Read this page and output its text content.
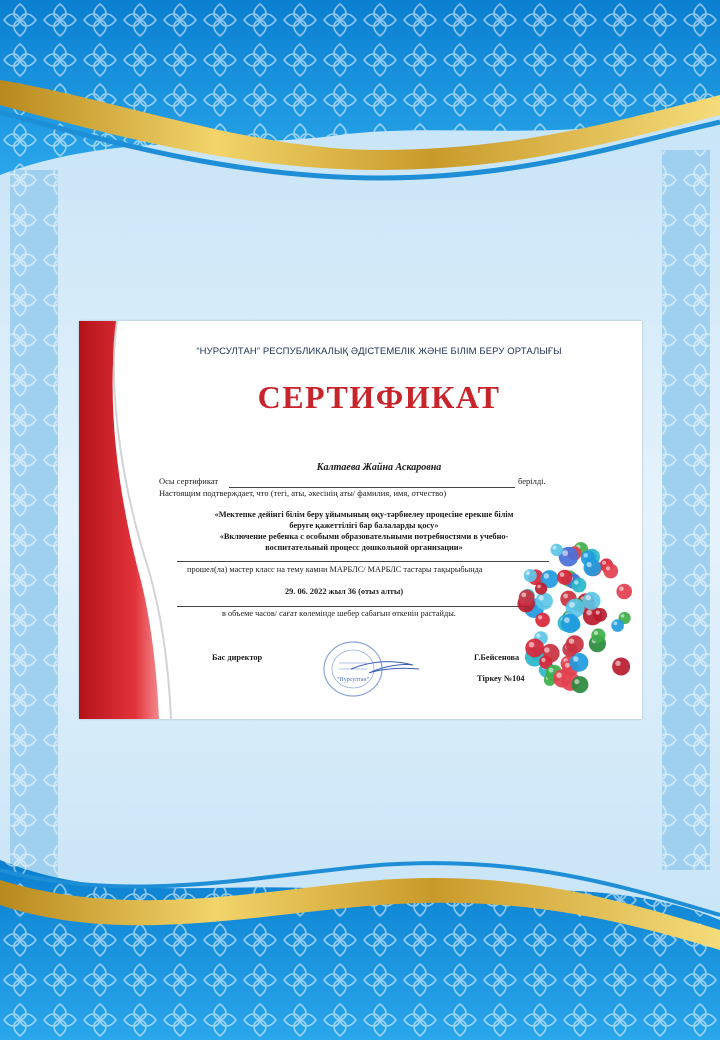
“НУРСУЛТАН” РЕСПУБЛИКАЛЫҚ ӘДІСТЕМЕЛІК ЖӘНЕ БІЛІМ БЕРУ ОРТАЛЫҒЫ
СЕРТИФИКАТ
Калтаева Жайна Аскаровна
Осы сертификат	берілді.
Настоящим подтверждает, что (тегі, аты, әкесінің аты/ фамилия, имя, отчество)
«Мектепке дейінгі білім беру ұйымының оқу-тәрбиелеу процесіне ерекше білім
беруге қажеттілігі бар балаларды қосу»
«Включение ребенка с особыми образовательными потребностями в учебно-
воспитательный процесс дошкольной организации»
прошел(ла) мастер класс на тему камни МАРБЛС/ МАРБЛС тастары тақырыбында
29. 06. 2022 жыл 36 (отыз алты)
в объеме часов/ сағат көлемінде шебер сабағын өткенін растайды.
Бас директор	Г.Бейсенова
Тіркеу №104
“Нурсултан”
